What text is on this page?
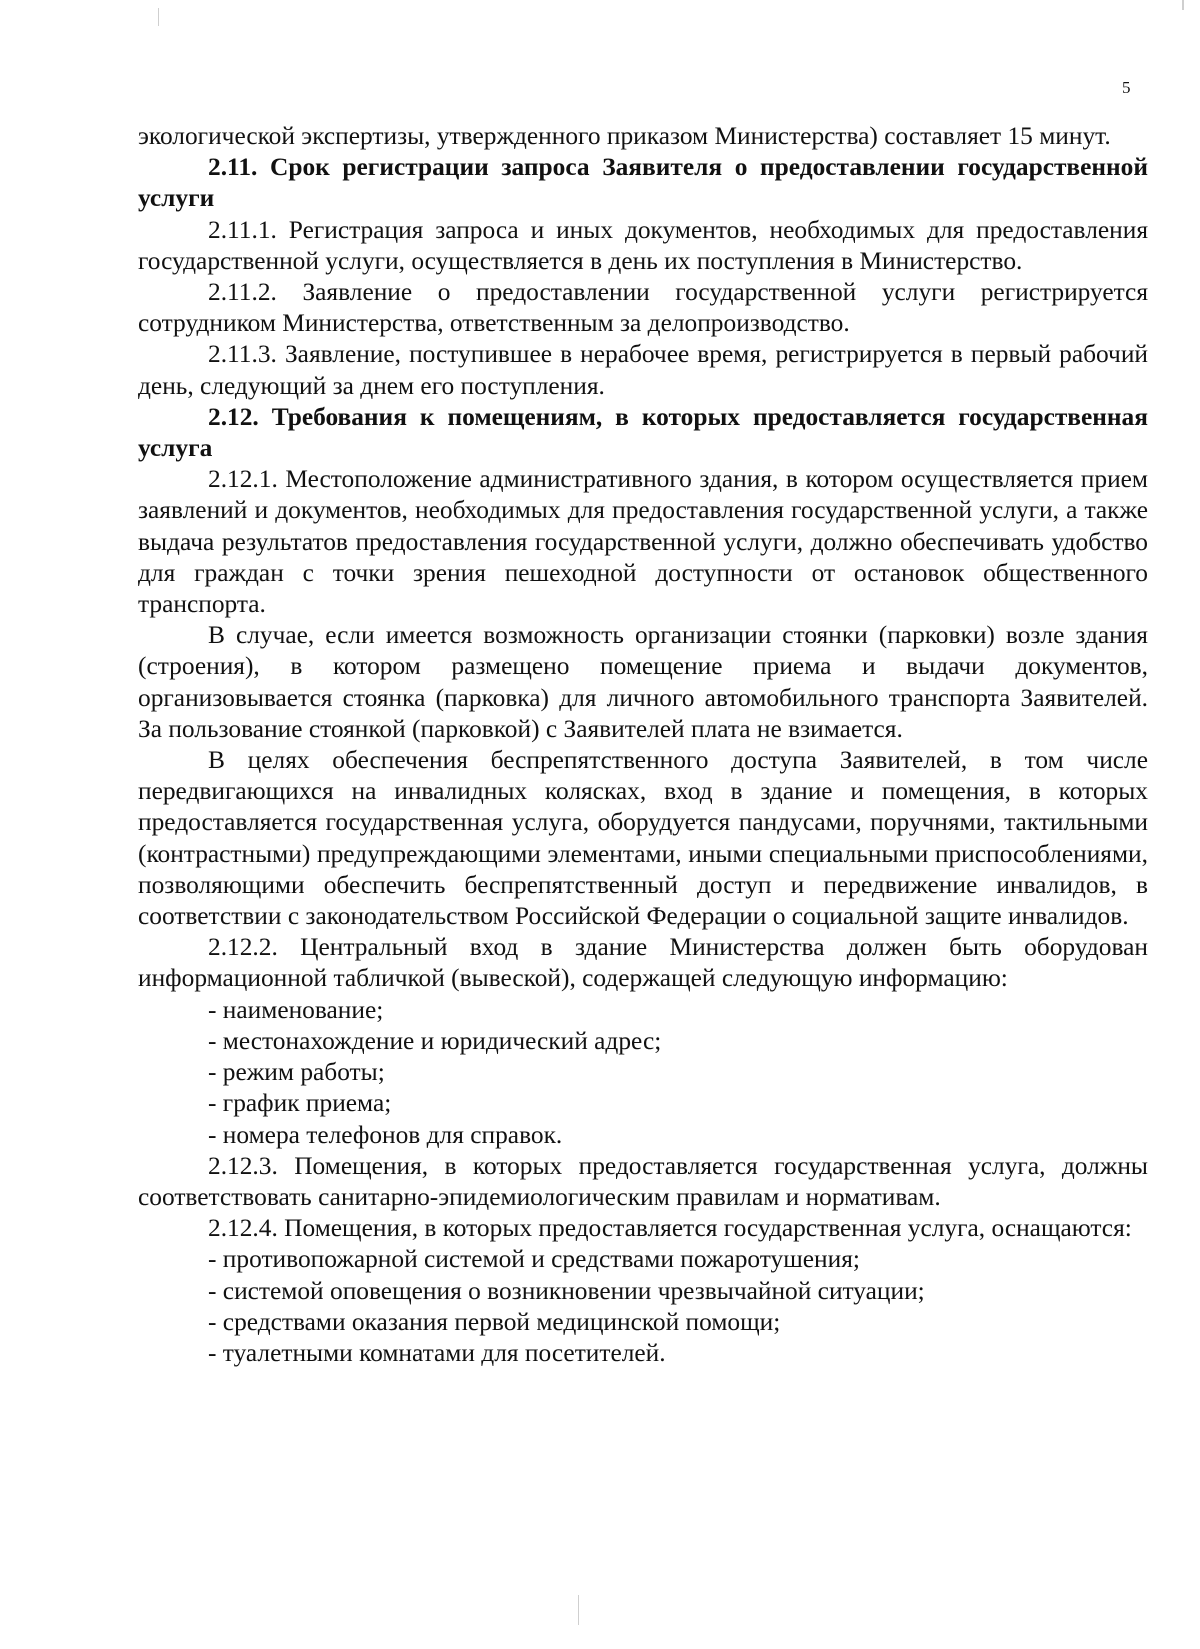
5

экологической экспертизы, утвержденного приказом Министерства) составляет 15 минут.

2.11. Срок регистрации запроса Заявителя о предоставлении государственной услуги

2.11.1. Регистрация запроса и иных документов, необходимых для предоставления государственной услуги, осуществляется в день их поступления в Министерство.

2.11.2. Заявление о предоставлении государственной услуги регистрируется сотрудником Министерства, ответственным за делопроизводство.

2.11.3. Заявление, поступившее в нерабочее время, регистрируется в первый рабочий день, следующий за днем его поступления.

2.12. Требования к помещениям, в которых предоставляется государственная услуга

2.12.1. Местоположение административного здания, в котором осуществляется прием заявлений и документов, необходимых для предоставления государственной услуги, а также выдача результатов предоставления государственной услуги, должно обеспечивать удобство для граждан с точки зрения пешеходной доступности от остановок общественного транспорта.

В случае, если имеется возможность организации стоянки (парковки) возле здания (строения), в котором размещено помещение приема и выдачи документов, организовывается стоянка (парковка) для личного автомобильного транспорта Заявителей. За пользование стоянкой (парковкой) с Заявителей плата не взимается.

В целях обеспечения беспрепятственного доступа Заявителей, в том числе передвигающихся на инвалидных колясках, вход в здание и помещения, в которых предоставляется государственная услуга, оборудуется пандусами, поручнями, тактильными (контрастными) предупреждающими элементами, иными специальными приспособлениями, позволяющими обеспечить беспрепятственный доступ и передвижение инвалидов, в соответствии с законодательством Российской Федерации о социальной защите инвалидов.

2.12.2. Центральный вход в здание Министерства должен быть оборудован информационной табличкой (вывеской), содержащей следующую информацию:

- наименование;

- местонахождение и юридический адрес;

- режим работы;

- график приема;

- номера телефонов для справок.

2.12.3. Помещения, в которых предоставляется государственная услуга, должны соответствовать санитарно-эпидемиологическим правилам и нормативам.

2.12.4. Помещения, в которых предоставляется государственная услуга, оснащаются:

- противопожарной системой и средствами пожаротушения;

- системой оповещения о возникновении чрезвычайной ситуации;

- средствами оказания первой медицинской помощи;

- туалетными комнатами для посетителей.
